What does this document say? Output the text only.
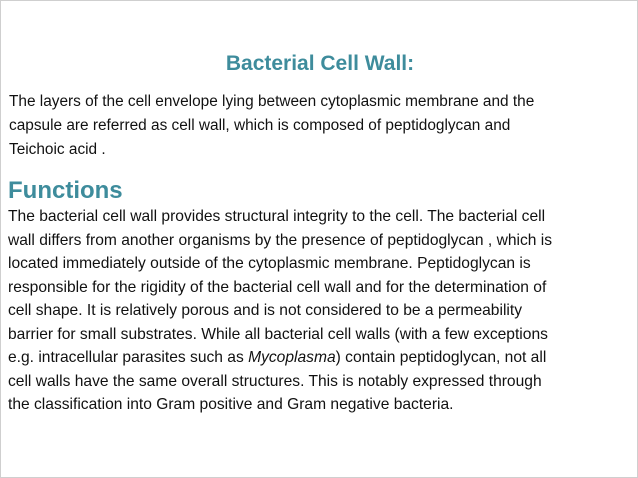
Bacterial Cell Wall:
The layers of the cell envelope lying between cytoplasmic membrane and the
capsule are referred as cell wall, which is composed of peptidoglycan and
Teichoic acid .
Functions
The bacterial cell wall provides structural integrity to the cell. The bacterial cell
wall differs from another organisms by the presence of peptidoglycan , which is
located immediately outside of the cytoplasmic membrane. Peptidoglycan is
responsible for the rigidity of the bacterial cell wall and for the determination of
cell shape. It is relatively porous and is not considered to be a permeability
barrier for small substrates. While all bacterial cell walls (with a few exceptions
e.g. intracellular parasites such as Mycoplasma) contain peptidoglycan, not all
cell walls have the same overall structures. This is notably expressed through
the classification into Gram positive and Gram negative bacteria.
